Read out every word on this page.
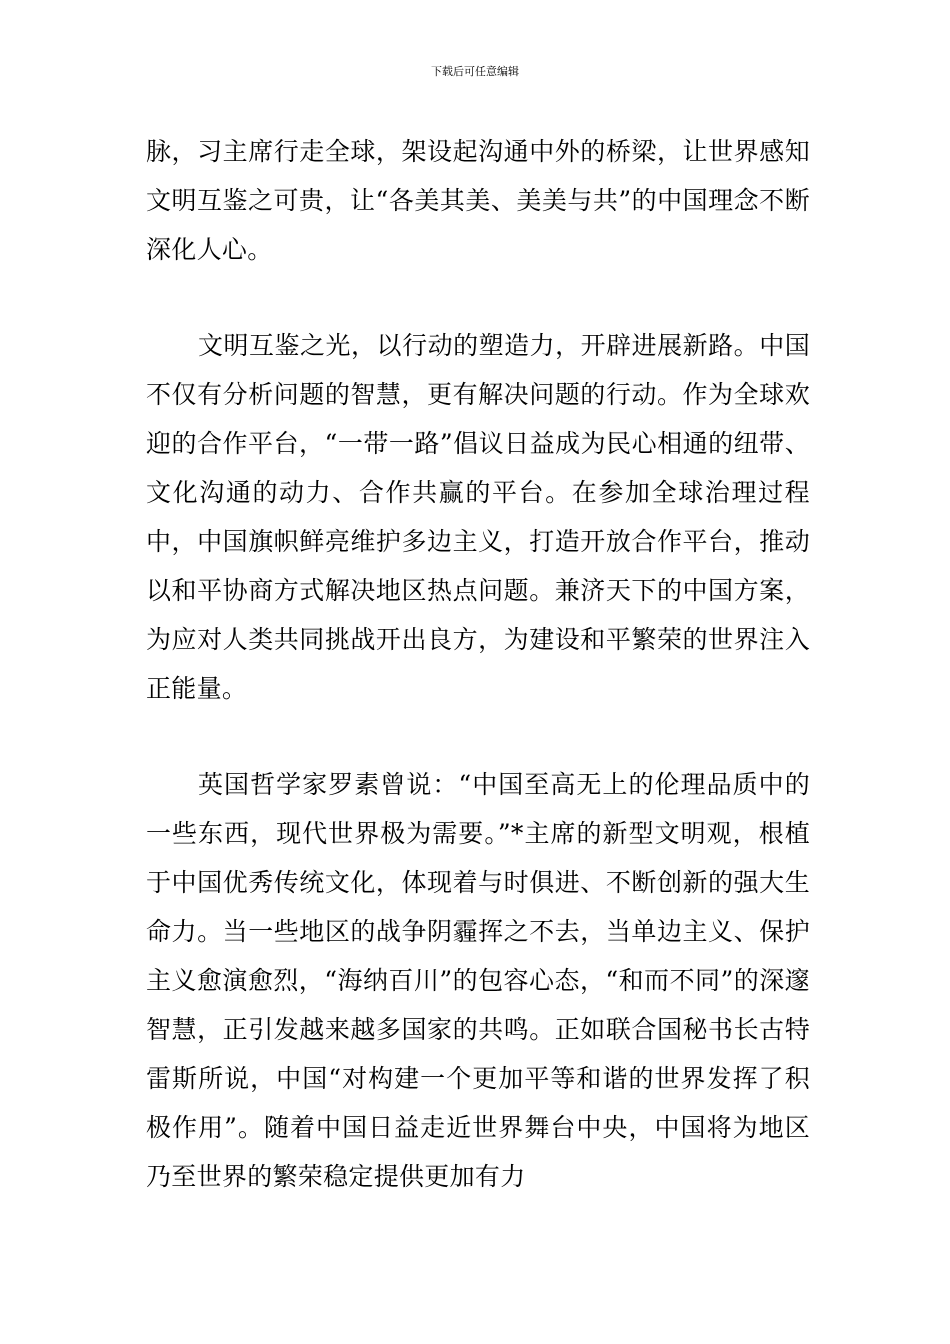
下载后可任意编辑

脉，习主席行走全球，架设起沟通中外的桥梁，让世界感知文明互鉴之可贵，让“各美其美、美美与共”的中国理念不断深化人心。

文明互鉴之光，以行动的塑造力，开辟进展新路。中国不仅有分析问题的智慧，更有解决问题的行动。作为全球欢迎的合作平台，“一带一路”倡议日益成为民心相通的纽带、文化沟通的动力、合作共赢的平台。在参加全球治理过程中，中国旗帜鲜亮维护多边主义，打造开放合作平台，推动以和平协商方式解决地区热点问题。兼济天下的中国方案，为应对人类共同挑战开出良方，为建设和平繁荣的世界注入正能量。

英国哲学家罗素曾说：“中国至高无上的伦理品质中的一些东西，现代世界极为需要。”*主席的新型文明观，根植于中国优秀传统文化，体现着与时俱进、不断创新的强大生命力。当一些地区的战争阴霾挥之不去，当单边主义、保护主义愈演愈烈，“海纳百川”的包容心态，“和而不同”的深邃智慧，正引发越来越多国家的共鸣。正如联合国秘书长古特雷斯所说，中国“对构建一个更加平等和谐的世界发挥了积极作用”。随着中国日益走近世界舞台中央，中国将为地区乃至世界的繁荣稳定提供更加有力
